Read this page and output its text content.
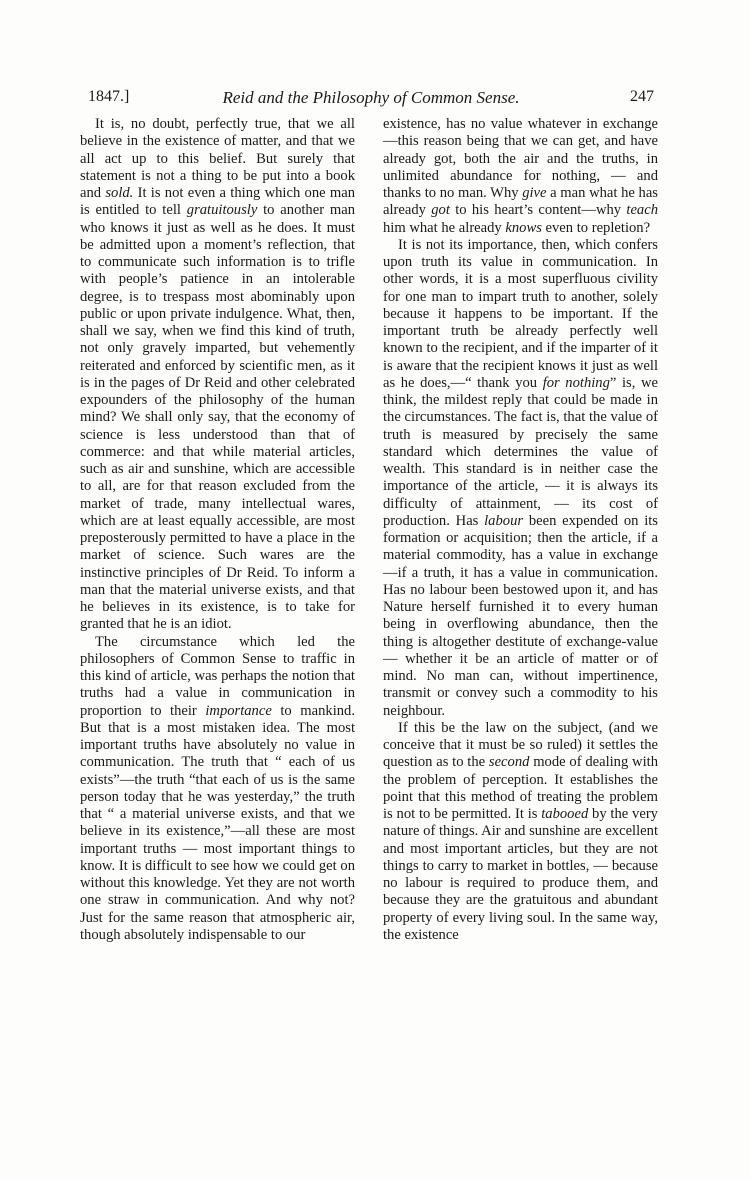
1847.]	Reid and the Philosophy of Common Sense.	247

It is, no doubt, perfectly true, that we all believe in the existence of matter, and that we all act up to this belief. But surely that statement is not a thing to be put into a book and sold. It is not even a thing which one man is entitled to tell gratuitously to another man who knows it just as well as he does. It must be admitted upon a moment’s reflection, that to communicate such information is to trifle with people’s patience in an intolerable degree, is to trespass most abominably upon public or upon private indulgence. What, then, shall we say, when we find this kind of truth, not only gravely imparted, but vehemently reiterated and enforced by scientific men, as it is in the pages of Dr Reid and other celebrated expounders of the philosophy of the human mind? We shall only say, that the economy of science is less understood than that of commerce: and that while material articles, such as air and sunshine, which are accessible to all, are for that reason excluded from the market of trade, many intellectual wares, which are at least equally accessible, are most preposterously permitted to have a place in the market of science. Such wares are the instinctive principles of Dr Reid. To inform a man that the material universe exists, and that he believes in its existence, is to take for granted that he is an idiot.

The circumstance which led the philosophers of Common Sense to traffic in this kind of article, was perhaps the notion that truths had a value in communication in proportion to their importance to mankind. But that is a most mistaken idea. The most important truths have absolutely no value in communication. The truth that “ each of us exists”—the truth “that each of us is the same person today that he was yesterday,” the truth that “ a material universe exists, and that we believe in its existence,”—all these are most important truths — most important things to know. It is difficult to see how we could get on without this knowledge. Yet they are not worth one straw in communication. And why not? Just for the same reason that atmospheric air, though absolutely indispensable to our

existence, has no value whatever in exchange—this reason being that we can get, and have already got, both the air and the truths, in unlimited abundance for nothing, — and thanks to no man. Why give a man what he has already got to his heart’s content—why teach him what he already knows even to repletion?

It is not its importance, then, which confers upon truth its value in communication. In other words, it is a most superfluous civility for one man to impart truth to another, solely because it happens to be important. If the important truth be already perfectly well known to the recipient, and if the imparter of it is aware that the recipient knows it just as well as he does,—“ thank you for nothing” is, we think, the mildest reply that could be made in the circumstances. The fact is, that the value of truth is measured by precisely the same standard which determines the value of wealth. This standard is in neither case the importance of the article, — it is always its difficulty of attainment, — its cost of production. Has labour been expended on its formation or acquisition; then the article, if a material commodity, has a value in exchange—if a truth, it has a value in communication. Has no labour been bestowed upon it, and has Nature herself furnished it to every human being in overflowing abundance, then the thing is altogether destitute of exchange-value — whether it be an article of matter or of mind. No man can, without impertinence, transmit or convey such a commodity to his neighbour.

If this be the law on the subject, (and we conceive that it must be so ruled) it settles the question as to the second mode of dealing with the problem of perception. It establishes the point that this method of treating the problem is not to be permitted. It is tabooed by the very nature of things. Air and sunshine are excellent and most important articles, but they are not things to carry to market in bottles, — because no labour is required to produce them, and because they are the gratuitous and abundant property of every living soul. In the same way, the existence
